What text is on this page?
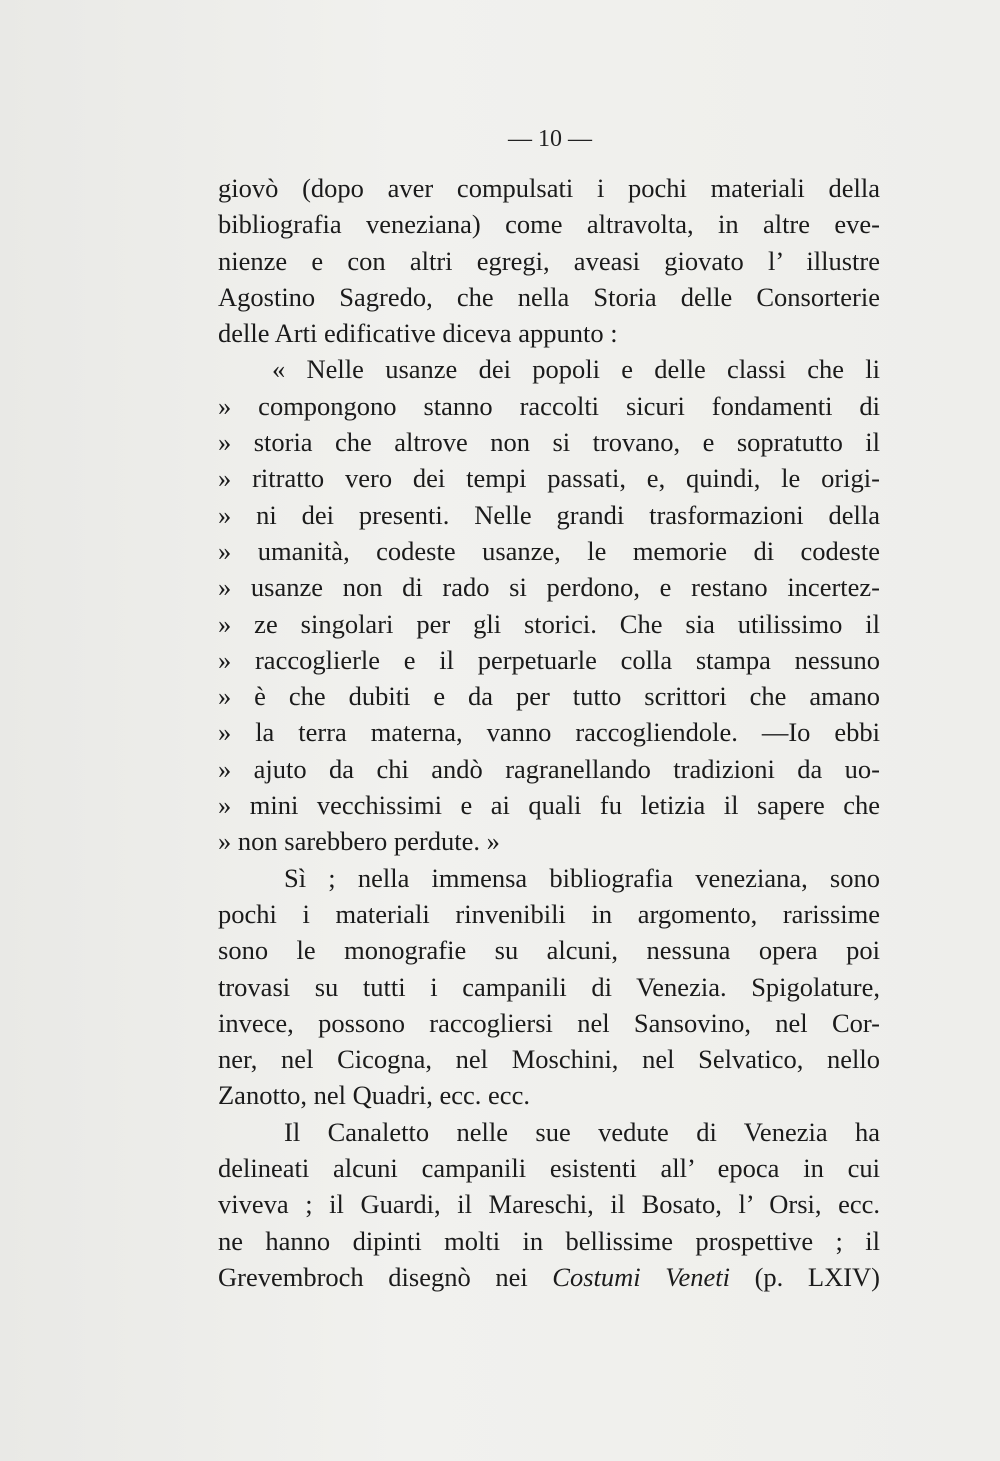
— 10 —
giovò (dopo aver compulsati i pochi materiali della
bibliografia veneziana) come altravolta, in altre eve-
nienze e con altri egregi, aveasi giovato l’ illustre
Agostino Sagredo, che nella Storia delle Consorterie
delle Arti edificative diceva appunto :
« Nelle usanze dei popoli e delle classi che li
» compongono stanno raccolti sicuri fondamenti di
» storia che altrove non si trovano, e sopratutto il
» ritratto vero dei tempi passati, e, quindi, le origi-
» ni dei presenti. Nelle grandi trasformazioni della
» umanità, codeste usanze, le memorie di codeste
» usanze non di rado si perdono, e restano incertez-
» ze singolari per gli storici. Che sia utilissimo il
» raccoglierle e il perpetuarle colla stampa nessuno
» è che dubiti e da per tutto scrittori che amano
» la terra materna, vanno raccogliendole. —Io ebbi
» ajuto da chi andò ragranellando tradizioni da uo-
» mini vecchissimi e ai quali fu letizia il sapere che
» non sarebbero perdute. »
Sì ; nella immensa bibliografia veneziana, sono
pochi i materiali rinvenibili in argomento, rarissime
sono le monografie su alcuni, nessuna opera poi
trovasi su tutti i campanili di Venezia. Spigolature,
invece, possono raccogliersi nel Sansovino, nel Cor-
ner, nel Cicogna, nel Moschini, nel Selvatico, nello
Zanotto, nel Quadri, ecc. ecc.
Il Canaletto nelle sue vedute di Venezia ha
delineati alcuni campanili esistenti all’ epoca in cui
viveva ; il Guardi, il Mareschi, il Bosato, l’ Orsi, ecc.
ne hanno dipinti molti in bellissime prospettive ; il
Grevembroch disegnò nei Costumi Veneti (p. LXIV)
